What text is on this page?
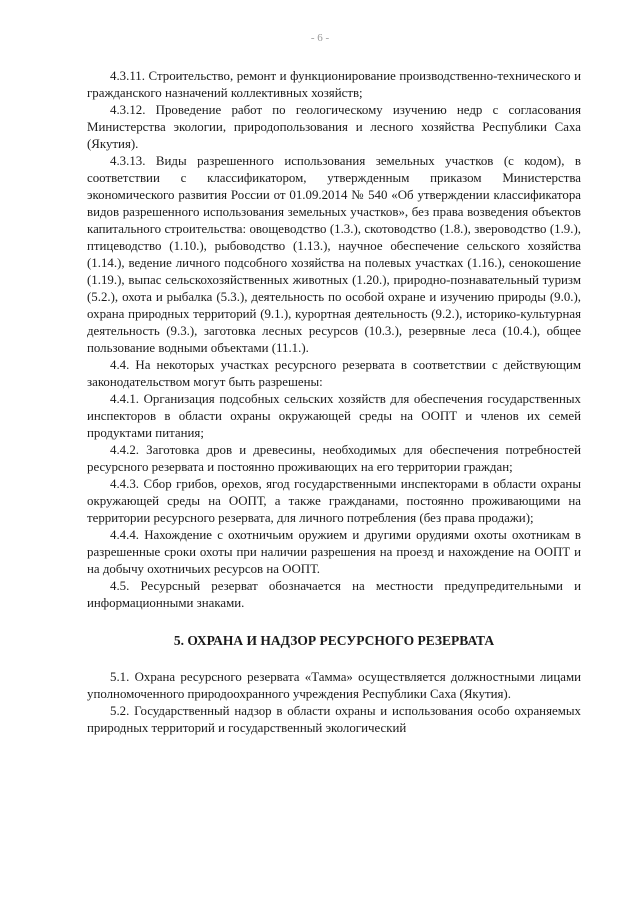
- 6 -

4.3.11. Строительство, ремонт и функционирование производственно-технического и гражданского назначений коллективных хозяйств;

4.3.12. Проведение работ по геологическому изучению недр с согласования Министерства экологии, природопользования и лесного хозяйства Республики Саха (Якутия).

4.3.13. Виды разрешенного использования земельных участков (с кодом), в соответствии с классификатором, утвержденным приказом Министерства экономического развития России от 01.09.2014 № 540 «Об утверждении классификатора видов разрешенного использования земельных участков», без права возведения объектов капитального строительства: овощеводство (1.3.), скотоводство (1.8.), звероводство (1.9.), птицеводство (1.10.), рыбоводство (1.13.), научное обеспечение сельского хозяйства (1.14.), ведение личного подсобного хозяйства на полевых участках (1.16.), сенокошение (1.19.), выпас сельскохозяйственных животных (1.20.), природно-познавательный туризм (5.2.), охота и рыбалка (5.3.), деятельность по особой охране и изучению природы (9.0.), охрана природных территорий (9.1.), курортная деятельность (9.2.), историко-культурная деятельность (9.3.), заготовка лесных ресурсов (10.3.), резервные леса (10.4.), общее пользование водными объектами (11.1.).

4.4. На некоторых участках ресурсного резервата в соответствии с действующим законодательством могут быть разрешены:

4.4.1. Организация подсобных сельских хозяйств для обеспечения государственных инспекторов в области охраны окружающей среды на ООПТ и членов их семей продуктами питания;

4.4.2. Заготовка дров и древесины, необходимых для обеспечения потребностей ресурсного резервата и постоянно проживающих на его территории граждан;

4.4.3. Сбор грибов, орехов, ягод государственными инспекторами в области охраны окружающей среды на ООПТ, а также гражданами, постоянно проживающими на территории ресурсного резервата, для личного потребления (без права продажи);

4.4.4. Нахождение с охотничьим оружием и другими орудиями охоты охотникам в разрешенные сроки охоты при наличии разрешения на проезд и нахождение на ООПТ и на добычу охотничьих ресурсов на ООПТ.

4.5. Ресурсный резерват обозначается на местности предупредительными и информационными знаками.

5. ОХРАНА И НАДЗОР РЕСУРСНОГО РЕЗЕРВАТА

5.1. Охрана ресурсного резервата «Тамма» осуществляется должностными лицами уполномоченного природоохранного учреждения Республики Саха (Якутия).

5.2. Государственный надзор в области охраны и использования особо охраняемых природных территорий и государственный экологический
